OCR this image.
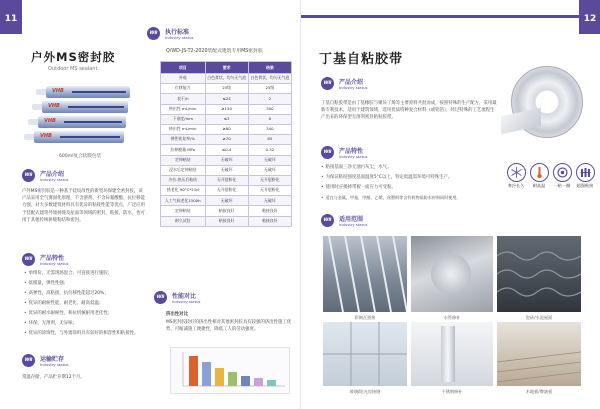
11
户外MS密封胶
Outdoor MS sealant
VHB
VHB
VHB
VHB
600ml复合软膜包装
W8	产品介绍
Industry status
户外MS密封胶是一种基于硅烷改性的新型环保建全密封胶，该产品采用全气雾固化原理，不含溶剂、不含异氰酸酯、抗位移能力强，对大多数建筑材料具有优异的粘接性能等优点，广泛应用于装配式建筑外墙拼缝及屋面等领域的密封，粘接、防水，也可用于其他传统拼缝粘结和密封。
W8	产品特性
Industry status
• 单组份，无需现场混合，可直接进行施胶；
• 低模量，弹性性强；
• 高弹性，高粘接，抗位移性能超过20%；
• 优异的耐候性能，耐老化，耐高低温；
• 优异的耐水耐候性，和抗机械耐用老化性；
• 环保，无溶剂，无异味；
• 优异的涂饰性，与外墙涂料具有较好的相容性和粘接性。
W8	运输贮存
Industry status
常温存储，产品贮存期12个月。
W8	执行标准
Industry status
Q/WD-JS-T2-2020装配式建筑专用MS密封胶
项目	要求	结果
外观	白色膏状，均匀无气泡	白色膏状，均匀无气泡
位移能力	25级	25级
表干/h	≤24	2
挤出性 mL/min	≥150	300
下垂度/mm	≤3	0
挤出性 mL/min	≥80	340
弹性恢复率/%	≥70	85
拉伸模量 MPa	≤0.4	0.32
定伸粘结	无破坏	无破坏
浸水后定伸粘结	无破坏	无破坏
冷拉-热压后粘结	无开裂粉化	无开裂粉化
热老化 90°C*21d	无开裂粉化	无开裂粉化
人工气候老化1500h	无破坏	无破坏
定伸粘结	粘接良好	粘接良好
耐久试验	粘接良好	粘接良好
W8	性能对比
Industry status
挤出性对比
MS密封胶较好的挤出性相对其他密封胶具有较强的挤出性施工优势，可缩减施工便捷性，降低工人的劳动强度。
12
丁基自粘胶带
W8	产品介绍
Industry status
丁基自粘胶带是由丁基橡胶与聚异丁烯等主要原料共混而成，按照特殊的生产配方，采用最新专利技术，适用于建筑领域，选用优质特种复合材料（或铝箔），经过特殊的工艺流程生产出来的环保型无溶剂密封粘贴胶带。
W8	产品特性
Industry status
• 粘接基面三净无油污灰尘，水气。
• 为保证粘结强度基面温度5°C以上，特定低温需环境可特殊生产。
• 使用时应揭掉带板一面应力可受粘。
• 适宜与金属，甲基，甲醇，乙烯，丝塑料等含有机物质防水材料同时使用。
寒冷长久	耐高温	一粘一撕	超强粘接
W8	适用范围
Industry status
彩钢瓦搭接	水管修补	瓷砖/水泥屋面
玻璃/阳光房接缝	不锈钢修补	木地板/牌滚板
